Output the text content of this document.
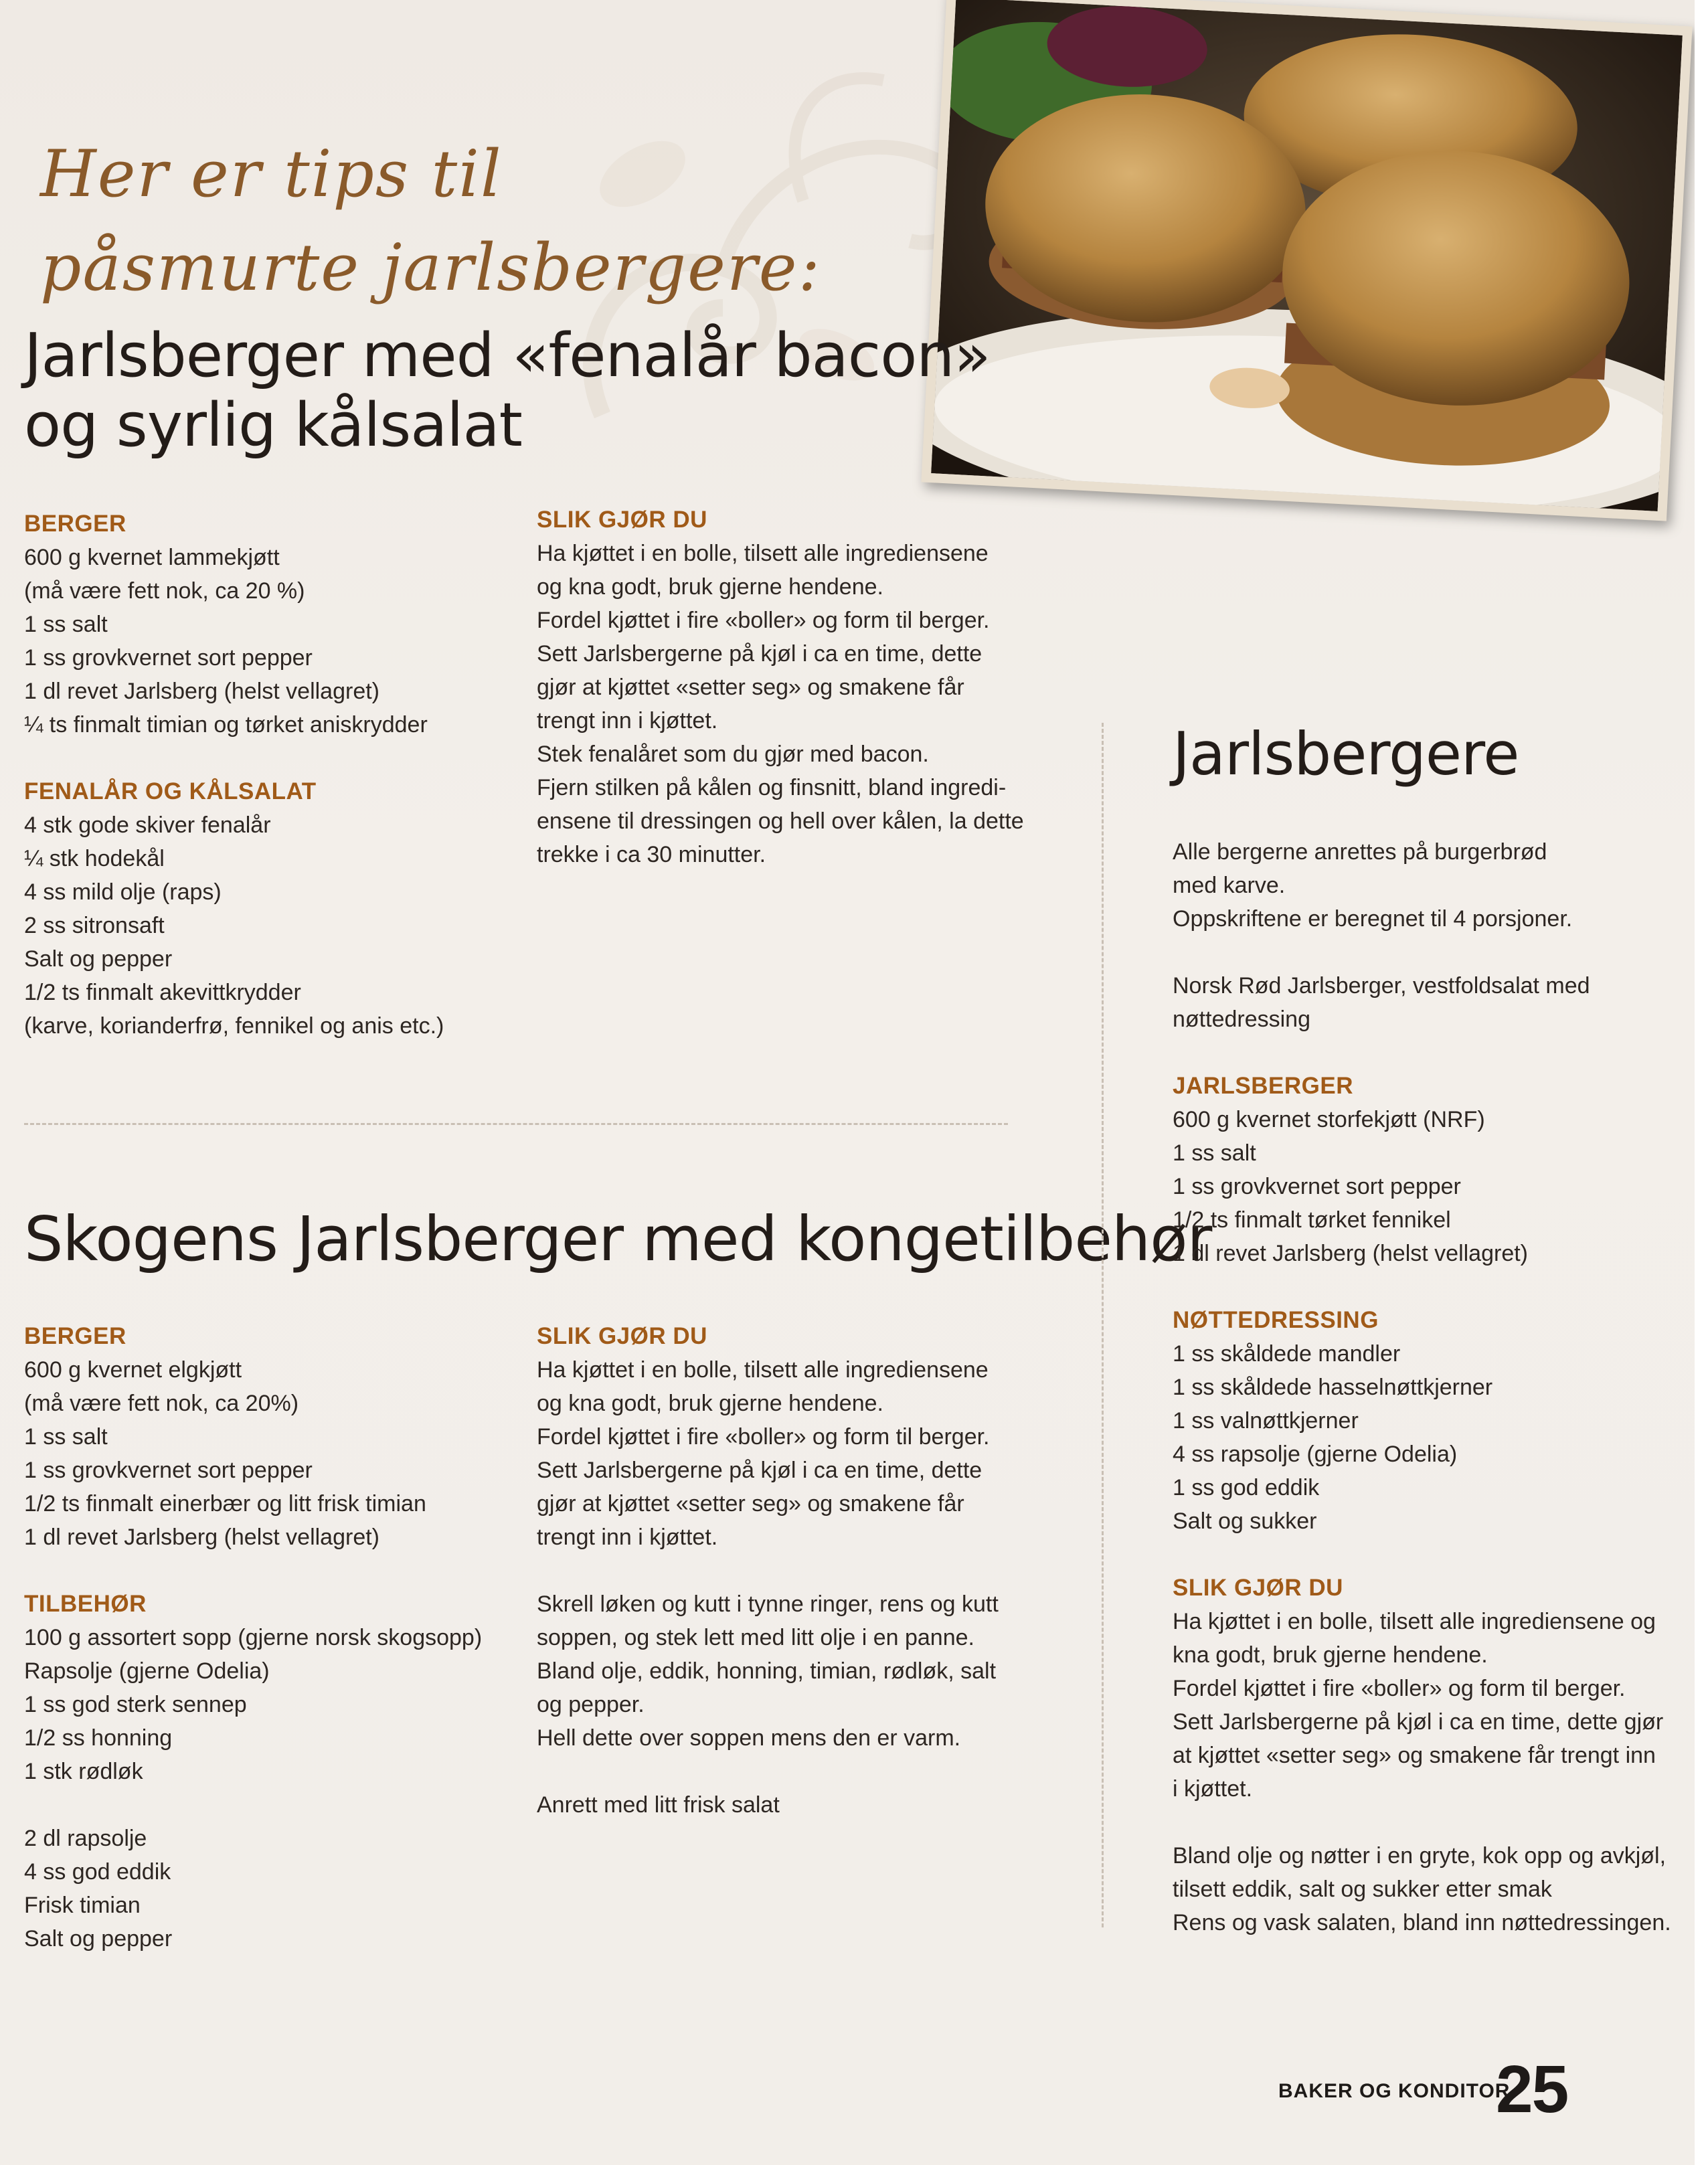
Her er tips til
påsmurte jarlsbergere:
Jarlsberger med «fenalår bacon»
og syrlig kålsalat
BERGER
600 g kvernet lammekjøtt
(må være fett nok, ca 20 %)
1 ss salt
1 ss grovkvernet sort pepper
1 dl revet Jarlsberg (helst vellagret)
¼ ts finmalt timian og tørket aniskrydder
FENALÅR OG KÅLSALAT
4 stk gode skiver fenalår
¼ stk hodekål
4 ss mild olje (raps)
2 ss sitronsaft
Salt og pepper
1/2 ts finmalt akevittkrydder
(karve, korianderfrø, fennikel og anis etc.)
SLIK GJØR DU
Ha kjøttet i en bolle, tilsett alle ingrediensene
og kna godt, bruk gjerne hendene.
Fordel kjøttet i fire «boller» og form til berger.
Sett Jarlsbergerne på kjøl i ca en time, dette
gjør at kjøttet «setter seg» og smakene får
trengt inn i kjøttet.
Stek fenalåret som du gjør med bacon.
Fjern stilken på kålen og finsnitt, bland ingredi-
ensene til dressingen og hell over kålen, la dette
trekke i ca 30 minutter.
Skogens Jarlsberger med kongetilbehør
BERGER
600 g kvernet elgkjøtt
(må være fett nok, ca 20%)
1 ss salt
1 ss grovkvernet sort pepper
1/2 ts finmalt einerbær og litt frisk timian
1 dl revet Jarlsberg (helst vellagret)
TILBEHØR
100 g assortert sopp (gjerne norsk skogsopp)
Rapsolje (gjerne Odelia)
1 ss god sterk sennep
1/2 ss honning
1 stk rødløk
2 dl rapsolje
4 ss god eddik
Frisk timian
Salt og pepper
SLIK GJØR DU
Ha kjøttet i en bolle, tilsett alle ingrediensene
og kna godt, bruk gjerne hendene.
Fordel kjøttet i fire «boller» og form til berger.
Sett Jarlsbergerne på kjøl i ca en time, dette
gjør at kjøttet «setter seg» og smakene får
trengt inn i kjøttet.
Skrell løken og kutt i tynne ringer, rens og kutt
soppen, og stek lett med litt olje i en panne.
Bland olje, eddik, honning, timian, rødløk, salt
og pepper.
Hell dette over soppen mens den er varm.
Anrett med litt frisk salat
Jarlsbergere
Alle bergerne anrettes på burgerbrød
med karve.
Oppskriftene er beregnet til 4 porsjoner.
Norsk Rød Jarlsberger, vestfoldsalat med
nøttedressing
JARLSBERGER
600 g kvernet storfekjøtt (NRF)
1 ss salt
1 ss grovkvernet sort pepper
1/2 ts finmalt tørket fennikel
1 dl revet Jarlsberg (helst vellagret)
NØTTEDRESSING
1 ss skåldede mandler
1 ss skåldede hasselnøttkjerner
1 ss valnøttkjerner
4 ss rapsolje (gjerne Odelia)
1 ss god eddik
Salt og sukker
SLIK GJØR DU
Ha kjøttet i en bolle, tilsett alle ingrediensene og
kna godt, bruk gjerne hendene.
Fordel kjøttet i fire «boller» og form til berger.
Sett Jarlsbergerne på kjøl i ca en time, dette gjør
at kjøttet «setter seg» og smakene får trengt inn
i kjøttet.
Bland olje og nøtter i en gryte, kok opp og avkjøl,
tilsett eddik, salt og sukker etter smak
Rens og vask salaten, bland inn nøttedressingen.
BAKER OG KONDITOR
25
